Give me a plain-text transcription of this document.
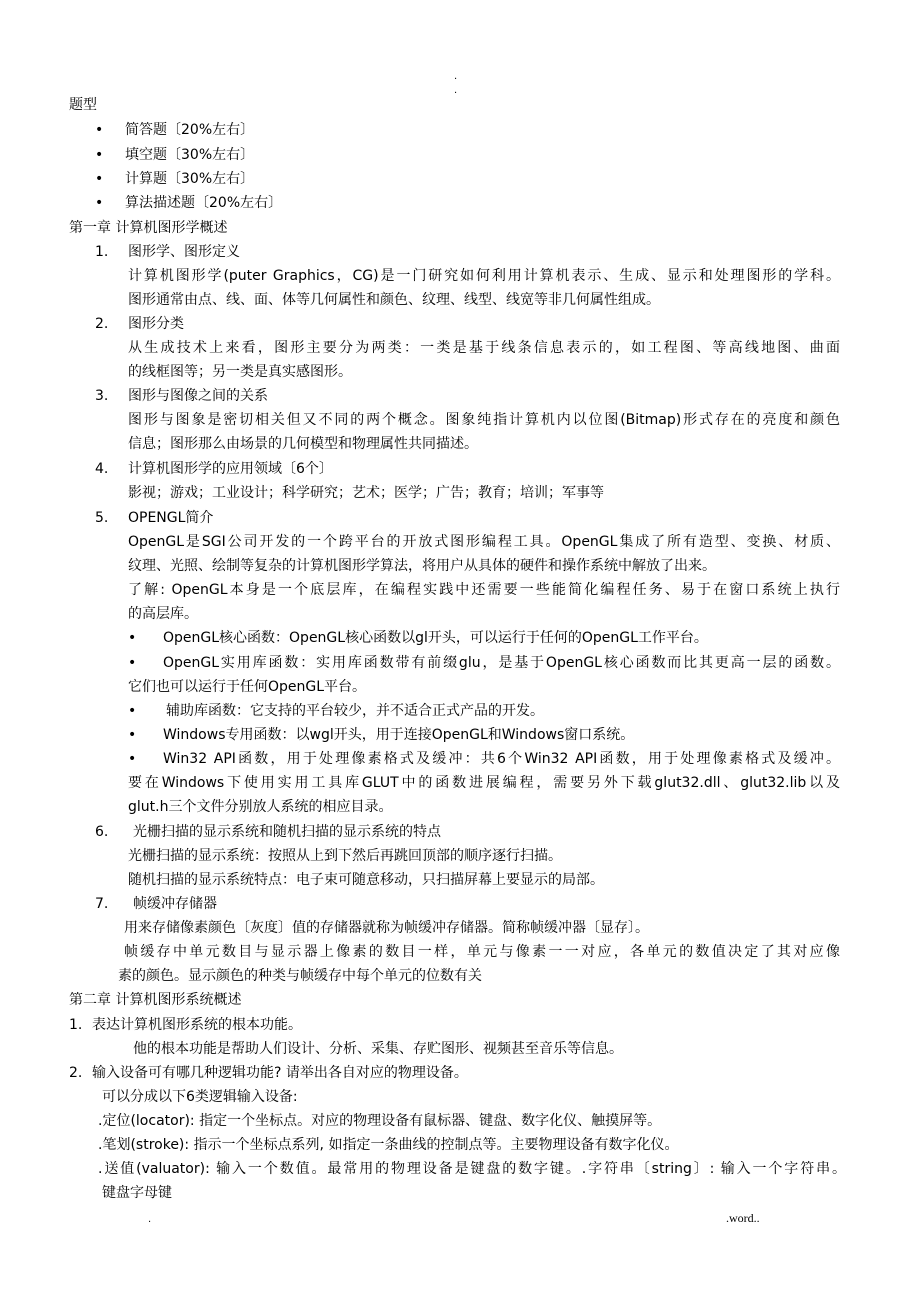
.
.
题型
• 简答题〔20%左右〕
• 填空题〔30%左右〕
• 计算题〔30%左右〕
• 算法描述题〔20%左右〕
第一章 计算机图形学概述
1. 图形学、图形定义
计算机图形学(puter Graphics，CG)是一门研究如何利用计算机表示、生成、显示和处理图形的学科。
图形通常由点、线、面、体等几何属性和颜色、纹理、线型、线宽等非几何属性组成。
2. 图形分类
从生成技术上来看，图形主要分为两类：一类是基于线条信息表示的，如工程图、等高线地图、曲面
的线框图等；另一类是真实感图形。
3. 图形与图像之间的关系
图形与图象是密切相关但又不同的两个概念。图象纯指计算机内以位图(Bitmap)形式存在的亮度和颜色
信息；图形那么由场景的几何模型和物理属性共同描述。
4. 计算机图形学的应用领域〔6个〕
影视；游戏；工业设计；科学研究；艺术；医学；广告；教育；培训；军事等
5. OPENGL简介
OpenGL是SGI公司开发的一个跨平台的开放式图形编程工具。OpenGL集成了所有造型、变换、材质、
纹理、光照、绘制等复杂的计算机图形学算法，将用户从具体的硬件和操作系统中解放了出来。
了解: OpenGL本身是一个底层库，在编程实践中还需要一些能简化编程任务、易于在窗口系统上执行
的高层库。
• OpenGL核心函数：OpenGL核心函数以gl开头，可以运行于任何的OpenGL工作平台。
• OpenGL实用库函数：实用库函数带有前缀glu，是基于OpenGL核心函数而比其更高一层的函数。
它们也可以运行于任何OpenGL平台。
• 辅助库函数：它支持的平台较少，并不适合正式产品的开发。
• Windows专用函数：以wgl开头，用于连接OpenGL和Windows窗口系统。
• Win32 API函数，用于处理像素格式及缓冲：共6个Win32 API函数，用于处理像素格式及缓冲。
要在Windows下使用实用工具库GLUT中的函数进展编程，需要另外下载glut32.dll、glut32.lib以及
glut.h三个文件分别放人系统的相应目录。
6. 光栅扫描的显示系统和随机扫描的显示系统的特点
光栅扫描的显示系统：按照从上到下然后再跳回顶部的顺序逐行扫描。
随机扫描的显示系统特点：电子束可随意移动，只扫描屏幕上要显示的局部。
7. 帧缓冲存储器
用来存储像素颜色〔灰度〕值的存储器就称为帧缓冲存储器。简称帧缓冲器〔显存〕。
帧缓存中单元数目与显示器上像素的数目一样，单元与像素一一对应，各单元的数值决定了其对应像
素的颜色。显示颜色的种类与帧缓存中每个单元的位数有关
第二章 计算机图形系统概述
1. 表达计算机图形系统的根本功能。
他的根本功能是帮助人们设计、分析、采集、存贮图形、视频甚至音乐等信息。
2. 输入设备可有哪几种逻辑功能? 请举出各自对应的物理设备。
可以分成以下6类逻辑输入设备:
.定位(locator): 指定一个坐标点。对应的物理设备有鼠标器、键盘、数字化仪、触摸屏等。
.笔划(stroke): 指示一个坐标点系列, 如指定一条曲线的控制点等。主要物理设备有数字化仪。
.送值(valuator): 输入一个数值。最常用的物理设备是键盘的数字键。.字符串〔string〕: 输入一个字符串。
键盘字母键
.	.word..
